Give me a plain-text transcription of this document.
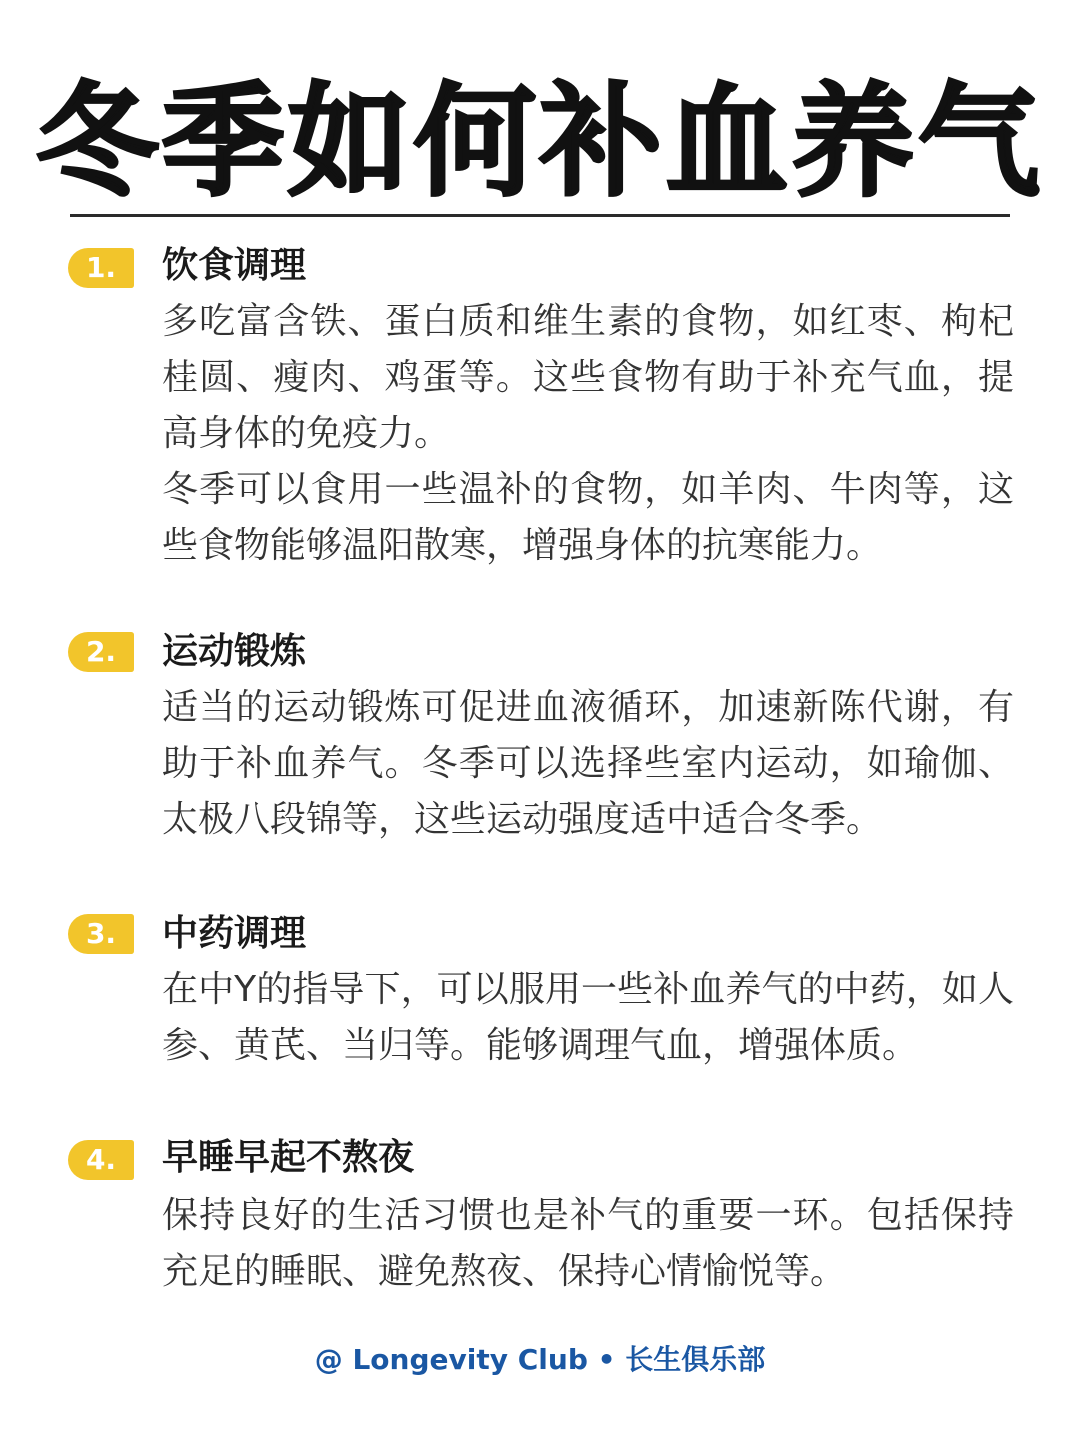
冬季如何补血养气
1.	饮食调理

多吃富含铁、蛋白质和维生素的食物，如红枣、枸杞桂圆、瘦肉、鸡蛋等。这些食物有助于补充气血，提高身体的免疫力。

冬季可以食用一些温补的食物，如羊肉、牛肉等，这些食物能够温阳散寒，增强身体的抗寒能力。

2.	运动锻炼

适当的运动锻炼可促进血液循环，加速新陈代谢，有助于补血养气。冬季可以选择些室内运动，如瑜伽、太极八段锦等，这些运动强度适中适合冬季。

3.	中药调理

在中Y的指导下，可以服用一些补血养气的中药，如人参、黄芪、当归等。能够调理气血，增强体质。

4.	早睡早起不熬夜

保持良好的生活习惯也是补气的重要一环。包括保持充足的睡眠、避免熬夜、保持心情愉悦等。

@ Longevity Club • 长生俱乐部
